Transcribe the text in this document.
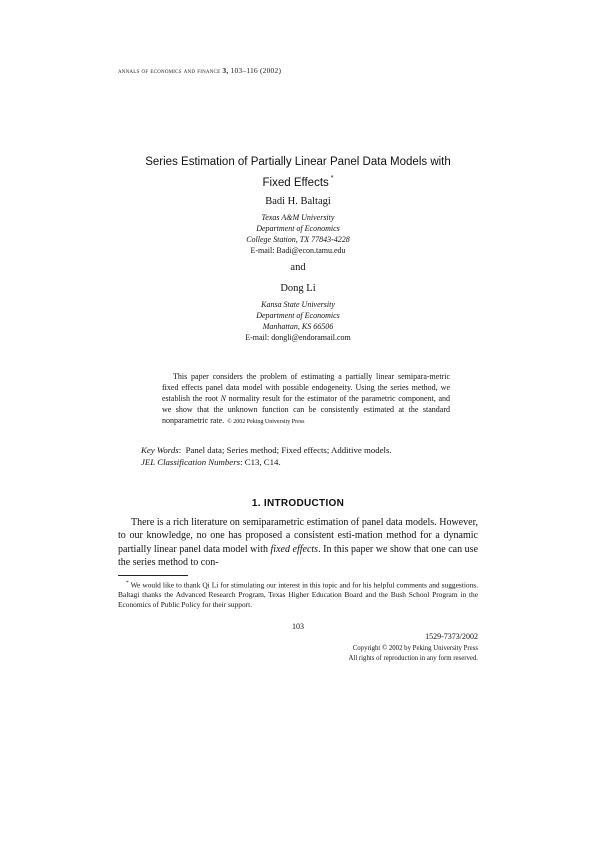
annals of economics and finance 3, 103–116 (2002)
Series Estimation of Partially Linear Panel Data Models with
Fixed Effects *
Badi H. Baltagi
Texas A&M University
Department of Economics
College Station, TX 77843-4228
E-mail: Badi@econ.tamu.edu
and
Dong Li
Kansa State University
Department of Economics
Manhattan, KS 66506
E-mail: dongli@endoramail.com
This paper considers the problem of estimating a partially linear semipara-metric fixed effects panel data model with possible endogeneity. Using the series method, we establish the root N normality result for the estimator of the parametric component, and we show that the unknown function can be consistently estimated at the standard nonparametric rate. © 2002 Peking University Press
Key Words:  Panel data; Series method; Fixed effects; Additive models.
JEL Classification Numbers: C13, C14.
1. INTRODUCTION
There is a rich literature on semiparametric estimation of panel data models. However, to our knowledge, no one has proposed a consistent esti-mation method for a dynamic partially linear panel data model with fixed effects. In this paper we show that one can use the series method to con-
* We would like to thank Qi Li for stimulating our interest in this topic and for his helpful comments and suggestions. Baltagi thanks the Advanced Research Program, Texas Higher Education Board and the Bush School Program in the Economics of Public Policy for their support.
103
1529-7373/2002
Copyright © 2002 by Peking University Press
All rights of reproduction in any form reserved.
